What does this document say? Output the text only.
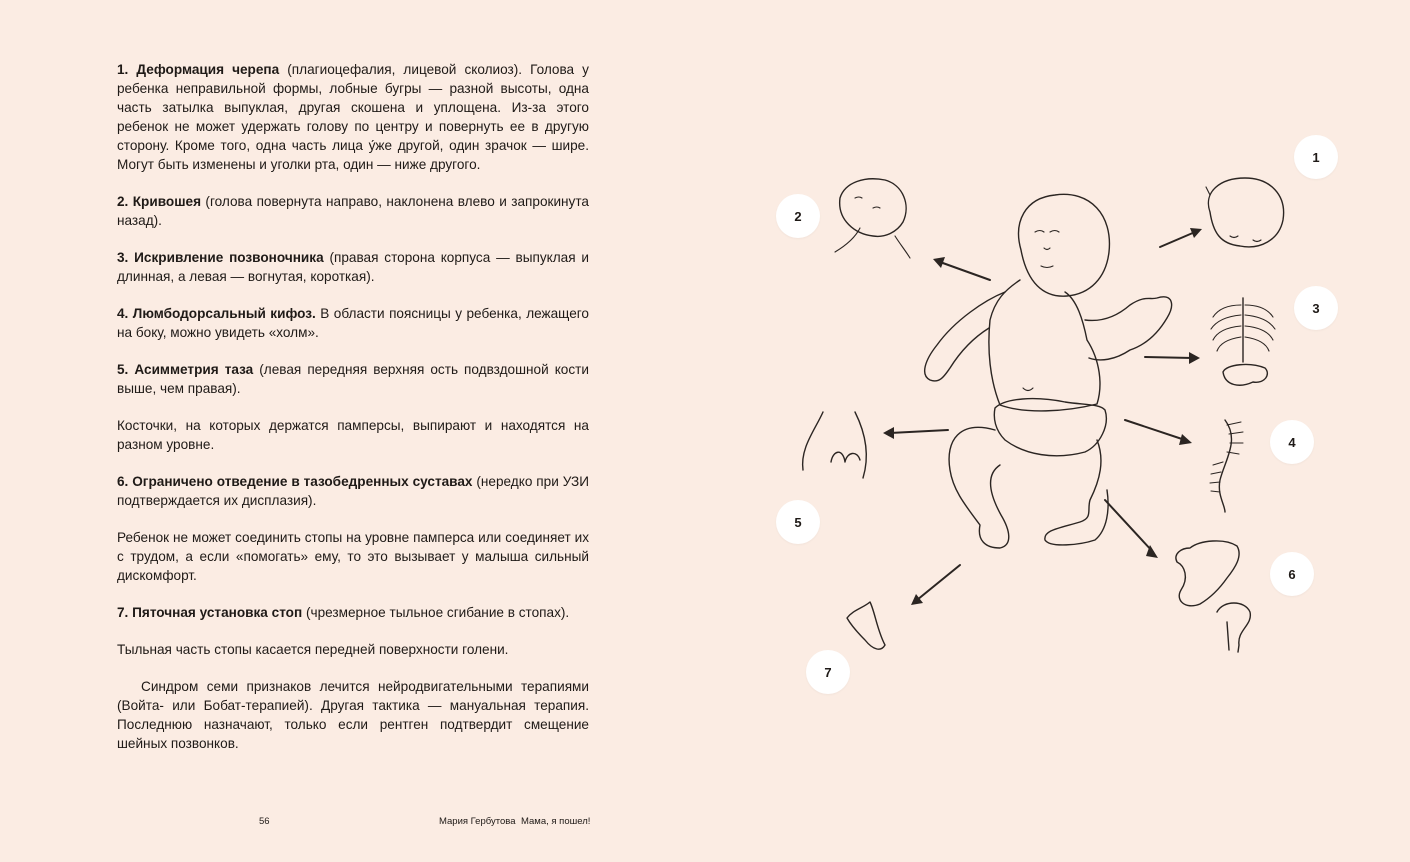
1. Деформация черепа (плагиоцефалия, лицевой сколиоз). Голова у ребенка неправильной формы, лобные бугры — разной высоты, одна часть затылка выпуклая, другая скошена и уплощена. Из-за этого ребенок не может удержать голову по центру и повернуть ее в другую сторону. Кроме того, одна часть лица у́же другой, один зрачок — шире. Могут быть изменены и уголки рта, один — ниже другого.

2. Кривошея (голова повернута направо, наклонена влево и запрокинута назад).

3. Искривление позвоночника (правая сторона корпуса — выпуклая и длинная, а левая — вогнутая, короткая).

4. Люмбодорсальный кифоз. В области поясницы у ребенка, лежащего на боку, можно увидеть «холм».

5. Асимметрия таза (левая передняя верхняя ость подвздошной кости выше, чем правая).

Косточки, на которых держатся памперсы, выпирают и находятся на разном уровне.

6. Ограничено отведение в тазобедренных суставах (нередко при УЗИ подтверждается их дисплазия).

Ребенок не может соединить стопы на уровне памперса или соединяет их с трудом, а если «помогать» ему, то это вызывает у малыша сильный дискомфорт.

7. Пяточная установка стоп (чрезмерное тыльное сгибание в стопах).

Тыльная часть стопы касается передней поверхности голени.

Синдром семи признаков лечится нейродвигательными терапиями (Войта- или Бобат-терапией). Другая тактика — мануальная терапия. Последнюю назначают, только если рентген подтвердит смещение шейных позвонков.

56	Мария Гербутова Мама, я пошел!
1
2
3
4
5
6
7
